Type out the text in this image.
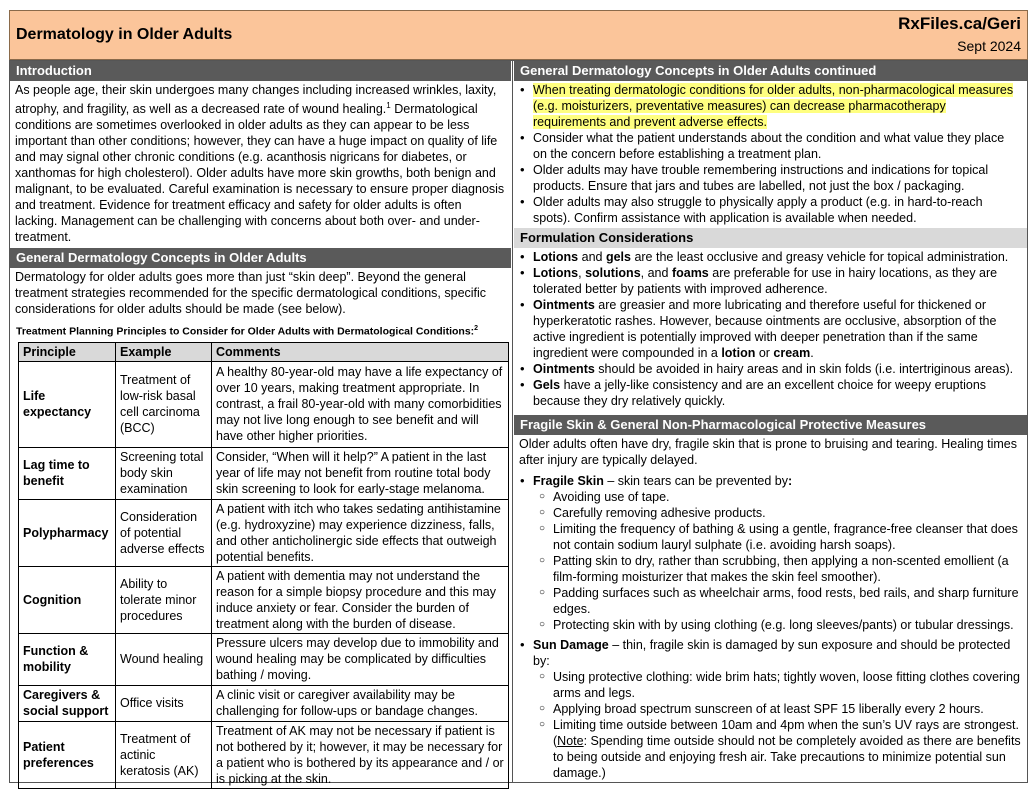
Dermatology in Older Adults
RxFiles.ca/Geri
Sept 2024
Introduction

As people age, their skin undergoes many changes including increased wrinkles, laxity, atrophy, and fragility, as well as a decreased rate of wound healing.$^1$ Dermatological conditions are sometimes overlooked in older adults as they can appear to be less important than other conditions; however, they can have a huge impact on quality of life and may signal other chronic conditions (e.g. acanthosis nigricans for diabetes, or xanthomas for high cholesterol). Older adults have more skin growths, both benign and malignant, to be evaluated. Careful examination is necessary to ensure proper diagnosis and treatment. Evidence for treatment efficacy and safety for older adults is often lacking. Management can be challenging with concerns about both over- and under-treatment.

General Dermatology Concepts in Older Adults

Dermatology for older adults goes more than just “skin deep”. Beyond the general treatment strategies recommended for the specific dermatological conditions, specific considerations for older adults should be made (see below).

Treatment Planning Principles to Consider for Older Adults with Dermatological Conditions:$^2$
Principle	Example	Comments
Life expectancy	Treatment of low-risk basal cell carcinoma (BCC)	A healthy 80-year-old may have a life expectancy of over 10 years, making treatment appropriate. In contrast, a frail 80-year-old with many comorbidities may not live long enough to see benefit and will have other higher priorities.
Lag time to benefit	Screening total body skin examination	Consider, “When will it help?” A patient in the last year of life may not benefit from routine total body skin screening to look for early-stage melanoma.
Polypharmacy	Consideration of potential adverse effects	A patient with itch who takes sedating antihistamine (e.g. hydroxyzine) may experience dizziness, falls, and other anticholinergic side effects that outweigh potential benefits.
Cognition	Ability to tolerate minor procedures	A patient with dementia may not understand the reason for a simple biopsy procedure and this may induce anxiety or fear. Consider the burden of treatment along with the burden of disease.
Function & mobility	Wound healing	Pressure ulcers may develop due to immobility and wound healing may be complicated by difficulties bathing / moving.
Caregivers & social support	Office visits	A clinic visit or caregiver availability may be challenging for follow-ups or bandage changes.
Patient preferences	Treatment of actinic keratosis (AK)	Treatment of AK may not be necessary if patient is not bothered by it; however, it may be necessary for a patient who is bothered by its appearance and / or is picking at the skin.
General Dermatology Concepts in Older Adults continued
• When treating dermatologic conditions for older adults, non-pharmacological measures (e.g. moisturizers, preventative measures) can decrease pharmacotherapy requirements and prevent adverse effects.
• Consider what the patient understands about the condition and what value they place on the concern before establishing a treatment plan.
• Older adults may have trouble remembering instructions and indications for topical products. Ensure that jars and tubes are labelled, not just the box / packaging.
• Older adults may also struggle to physically apply a product (e.g. in hard-to-reach spots). Confirm assistance with application is available when needed.
Formulation Considerations
• Lotions and gels are the least occlusive and greasy vehicle for topical administration.
• Lotions, solutions, and foams are preferable for use in hairy locations, as they are tolerated better by patients with improved adherence.
• Ointments are greasier and more lubricating and therefore useful for thickened or hyperkeratotic rashes. However, because ointments are occlusive, absorption of the active ingredient is potentially improved with deeper penetration than if the same ingredient were compounded in a lotion or cream.
• Ointments should be avoided in hairy areas and in skin folds (i.e. intertriginous areas).
• Gels have a jelly-like consistency and are an excellent choice for weepy eruptions because they dry relatively quickly.
Fragile Skin & General Non-Pharmacological Protective Measures

Older adults often have dry, fragile skin that is prone to bruising and tearing. Healing times after injury are typically delayed.

• Fragile Skin – skin tears can be prevented by:
○ Avoiding use of tape.
○ Carefully removing adhesive products.
○ Limiting the frequency of bathing & using a gentle, fragrance-free cleanser that does not contain sodium lauryl sulphate (i.e. avoiding harsh soaps).
○ Patting skin to dry, rather than scrubbing, then applying a non-scented emollient (a film-forming moisturizer that makes the skin feel smoother).
○ Padding surfaces such as wheelchair arms, food rests, bed rails, and sharp furniture edges.
○ Protecting skin with by using clothing (e.g. long sleeves/pants) or tubular dressings.
• Sun Damage – thin, fragile skin is damaged by sun exposure and should be protected by:
○ Using protective clothing: wide brim hats; tightly woven, loose fitting clothes covering arms and legs.
○ Applying broad spectrum sunscreen of at least SPF 15 liberally every 2 hours.
○ Limiting time outside between 10am and 4pm when the sun’s UV rays are strongest.
(Note: Spending time outside should not be completely avoided as there are benefits to being outside and enjoying fresh air. Take precautions to minimize potential sun damage.)
